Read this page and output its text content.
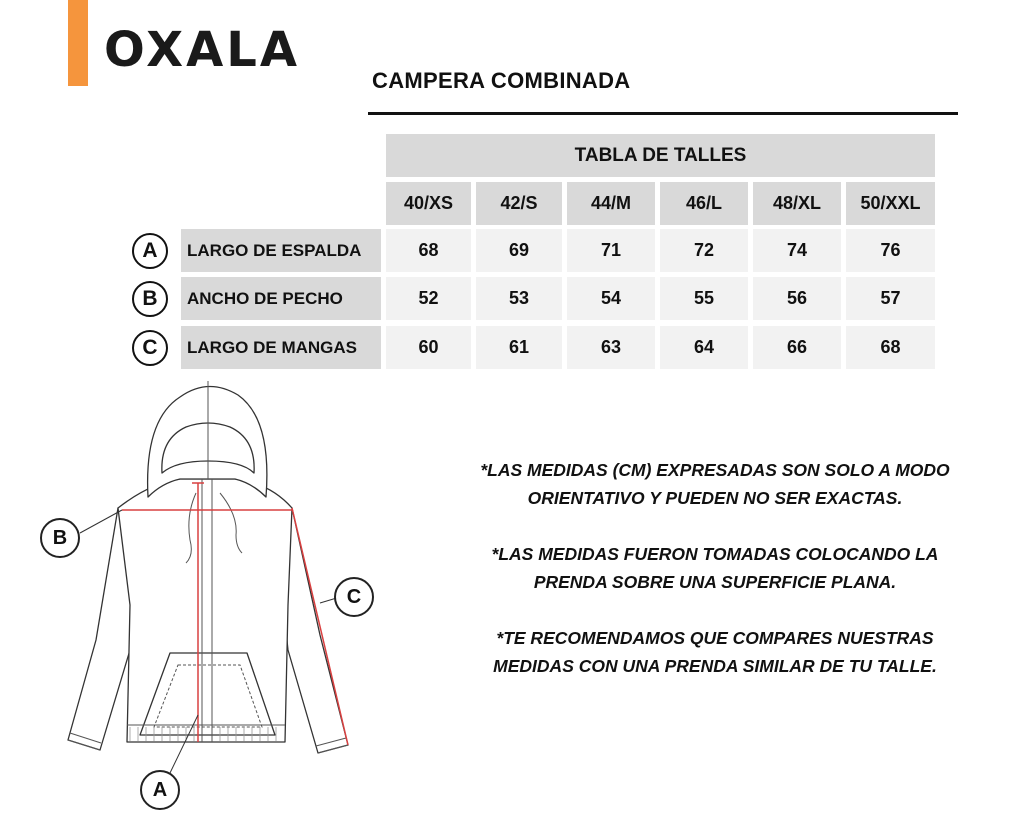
OXALA
CAMPERA COMBINADA
TABLA DE TALLES
40/XS	42/S	44/M	46/L	48/XL	50/XXL
A	LARGO DE ESPALDA	68	69	71	72	74	76
B	ANCHO DE PECHO	52	53	54	55	56	57
C	LARGO DE MANGAS	60	61	63	64	66	68
B
C
A

*LAS MEDIDAS (CM) EXPRESADAS SON SOLO A MODO ORIENTATIVO Y PUEDEN NO SER EXACTAS.

*LAS MEDIDAS FUERON TOMADAS COLOCANDO LA PRENDA SOBRE UNA SUPERFICIE PLANA.

*TE RECOMENDAMOS QUE COMPARES NUESTRAS MEDIDAS CON UNA PRENDA SIMILAR DE TU TALLE.
